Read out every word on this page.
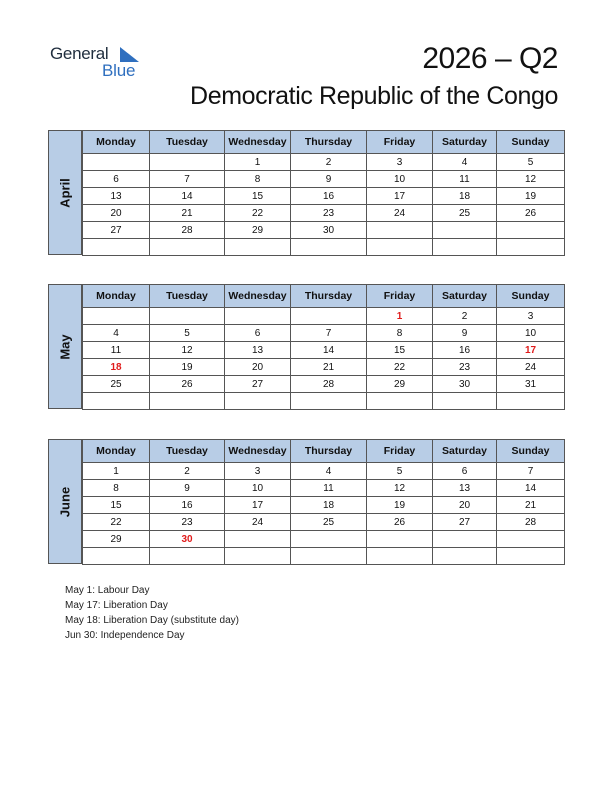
General
Blue	2026 – Q2
Democratic Republic of the Congo
April
Monday	Tuesday	Wednesday	Thursday	Friday	Saturday	Sunday
		1	2	3	4	5
6	7	8	9	10	11	12
13	14	15	16	17	18	19
20	21	22	23	24	25	26
27	28	29	30			

May
Monday	Tuesday	Wednesday	Thursday	Friday	Saturday	Sunday
				1	2	3
4	5	6	7	8	9	10
11	12	13	14	15	16	17
18	19	20	21	22	23	24
25	26	27	28	29	30	31

June
Monday	Tuesday	Wednesday	Thursday	Friday	Saturday	Sunday
1	2	3	4	5	6	7
8	9	10	11	12	13	14
15	16	17	18	19	20	21
22	23	24	25	26	27	28
29	30					

May 1: Labour Day
May 17: Liberation Day
May 18: Liberation Day (substitute day)
Jun 30: Independence Day
